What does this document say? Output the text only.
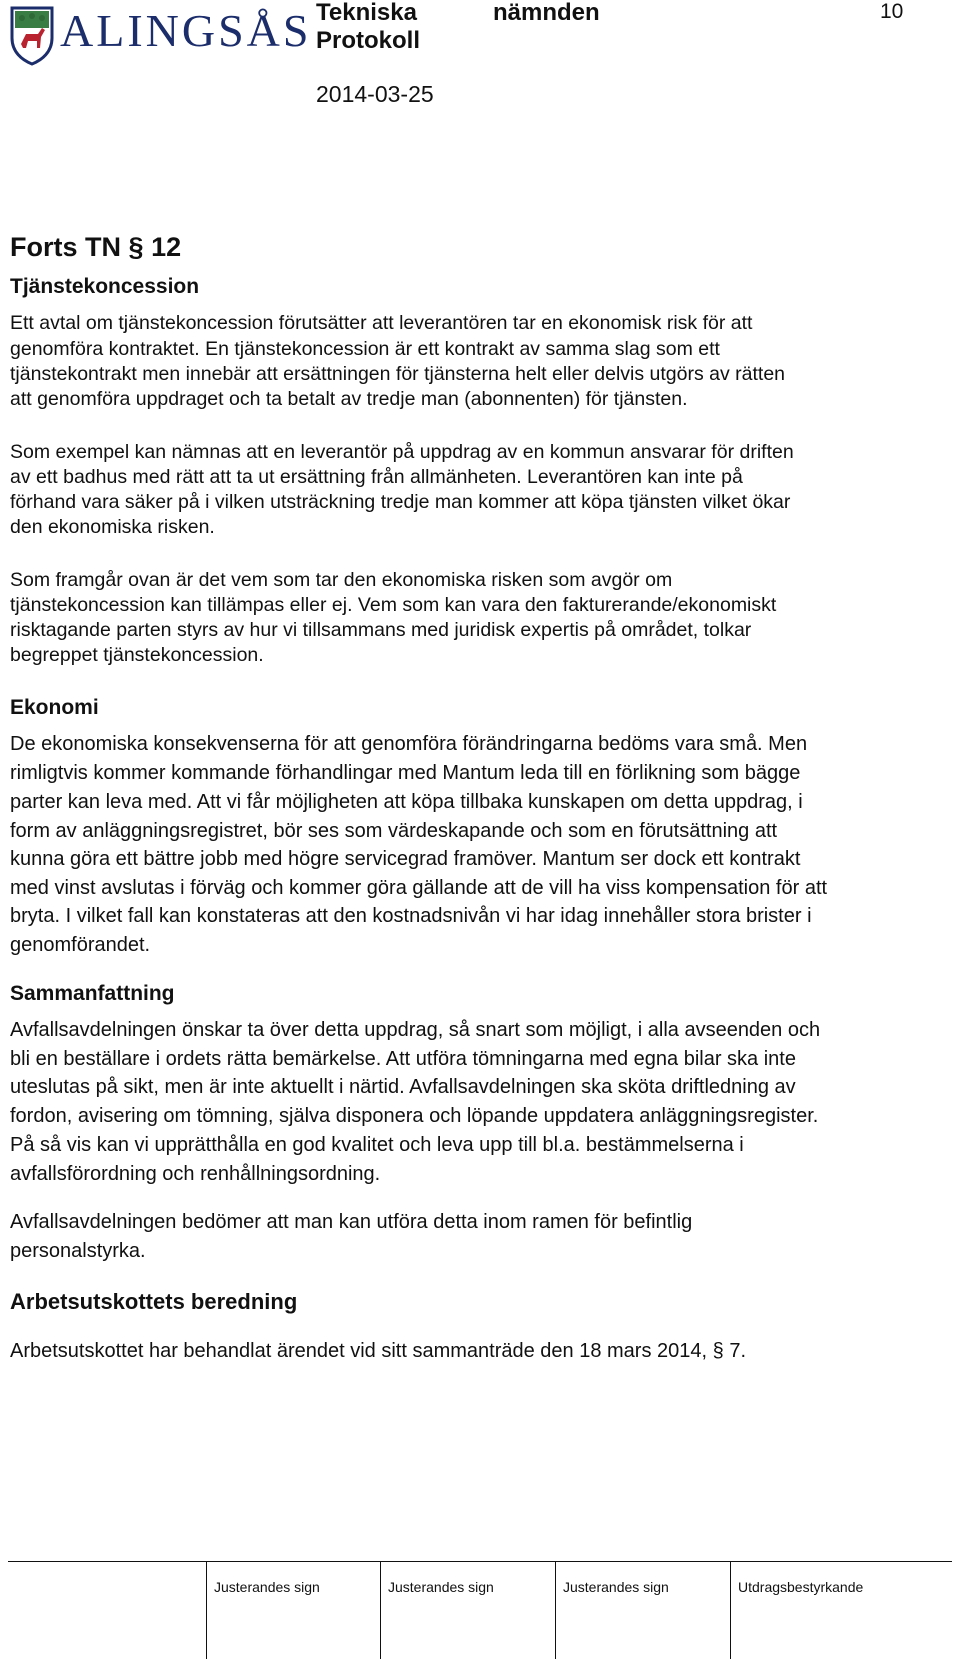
ALINGSÅS Tekniska	nämnden
Protokoll
2014-03-25
10
Forts TN § 12
Tjänstekoncession
Ett avtal om tjänstekoncession förutsätter att leverantören tar en ekonomisk risk för att
genomföra kontraktet. En tjänstekoncession är ett kontrakt av samma slag som ett
tjänstekontrakt men innebär att ersättningen för tjänsterna helt eller delvis utgörs av rätten
att genomföra uppdraget och ta betalt av tredje man (abonnenten) för tjänsten.
Som exempel kan nämnas att en leverantör på uppdrag av en kommun ansvarar för driften
av ett badhus med rätt att ta ut ersättning från allmänheten. Leverantören kan inte på
förhand vara säker på i vilken utsträckning tredje man kommer att köpa tjänsten vilket ökar
den ekonomiska risken.
Som framgår ovan är det vem som tar den ekonomiska risken som avgör om
tjänstekoncession kan tillämpas eller ej. Vem som kan vara den fakturerande/ekonomiskt
risktagande parten styrs av hur vi tillsammans med juridisk expertis på området, tolkar
begreppet tjänstekoncession.
Ekonomi
De ekonomiska konsekvenserna för att genomföra förändringarna bedöms vara små. Men
rimligtvis kommer kommande förhandlingar med Mantum leda till en förlikning som bägge
parter kan leva med. Att vi får möjligheten att köpa tillbaka kunskapen om detta uppdrag, i
form av anläggningsregistret, bör ses som värdeskapande och som en förutsättning att
kunna göra ett bättre jobb med högre servicegrad framöver. Mantum ser dock ett kontrakt
med vinst avslutas i förväg och kommer göra gällande att de vill ha viss kompensation för att
bryta. I vilket fall kan konstateras att den kostnadsnivån vi har idag innehåller stora brister i
genomförandet.
Sammanfattning
Avfallsavdelningen önskar ta över detta uppdrag, så snart som möjligt, i alla avseenden och
bli en beställare i ordets rätta bemärkelse. Att utföra tömningarna med egna bilar ska inte
uteslutas på sikt, men är inte aktuellt i närtid. Avfallsavdelningen ska sköta driftledning av
fordon, avisering om tömning, själva disponera och löpande uppdatera anläggningsregister.
På så vis kan vi upprätthålla en god kvalitet och leva upp till bl.a. bestämmelserna i
avfallsförordning och renhållningsordning.
Avfallsavdelningen bedömer att man kan utföra detta inom ramen för befintlig
personalstyrka.
Arbetsutskottets beredning
Arbetsutskottet har behandlat ärendet vid sitt sammanträde den 18 mars 2014, § 7.
Justerandes sign	Justerandes sign	Justerandes sign	Utdragsbestyrkande
